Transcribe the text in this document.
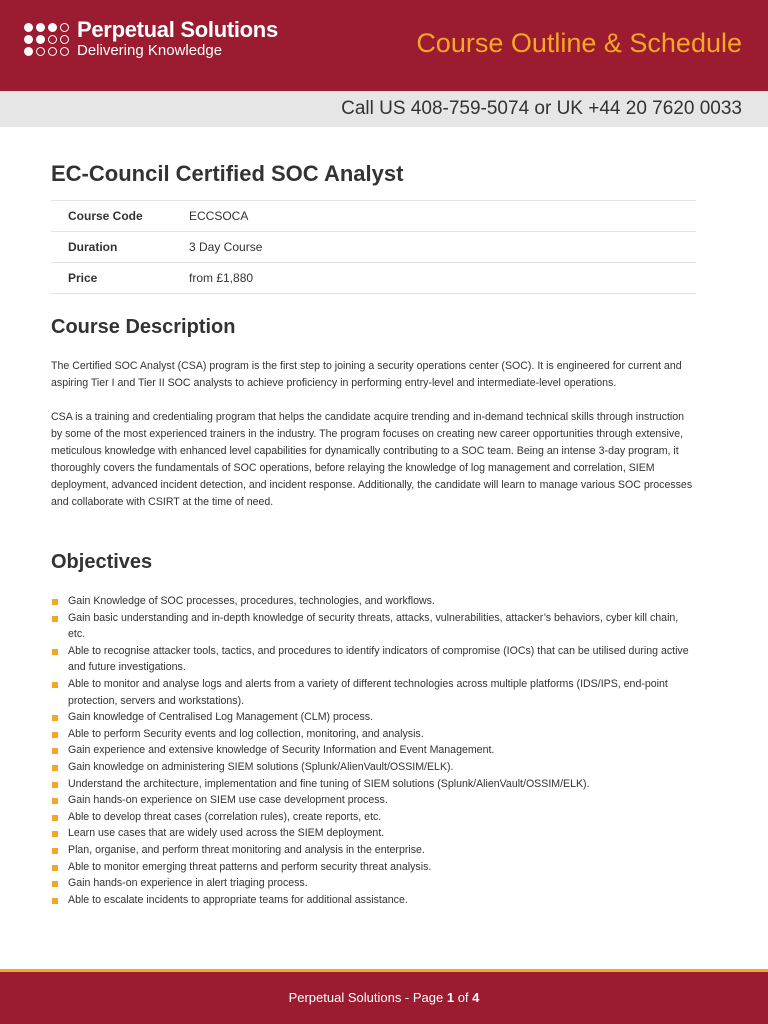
Perpetual Solutions
Delivering Knowledge	Course Outline & Schedule
Call US 408-759-5074 or UK +44 20 7620 0033
EC-Council Certified SOC Analyst
Course Code	ECCSOCA
Duration	3 Day Course
Price	from £1,880
Course Description

The Certified SOC Analyst (CSA) program is the first step to joining a security operations center (SOC). It is engineered for current and aspiring Tier I and Tier II SOC analysts to achieve proficiency in performing entry-level and intermediate-level operations.

CSA is a training and credentialing program that helps the candidate acquire trending and in-demand technical skills through instruction by some of the most experienced trainers in the industry. The program focuses on creating new career opportunities through extensive, meticulous knowledge with enhanced level capabilities for dynamically contributing to a SOC team. Being an intense 3-day program, it thoroughly covers the fundamentals of SOC operations, before relaying the knowledge of log management and correlation, SIEM deployment, advanced incident detection, and incident response. Additionally, the candidate will learn to manage various SOC processes and collaborate with CSIRT at the time of need.

Objectives
Gain Knowledge of SOC processes, procedures, technologies, and workflows.
Gain basic understanding and in-depth knowledge of security threats, attacks, vulnerabilities, attacker’s behaviors, cyber kill chain, etc.
Able to recognise attacker tools, tactics, and procedures to identify indicators of compromise (IOCs) that can be utilised during active and future investigations.
Able to monitor and analyse logs and alerts from a variety of different technologies across multiple platforms (IDS/IPS, end-point protection, servers and workstations).
Gain knowledge of Centralised Log Management (CLM) process.
Able to perform Security events and log collection, monitoring, and analysis.
Gain experience and extensive knowledge of Security Information and Event Management.
Gain knowledge on administering SIEM solutions (Splunk/AlienVault/OSSIM/ELK).
Understand the architecture, implementation and fine tuning of SIEM solutions (Splunk/AlienVault/OSSIM/ELK).
Gain hands-on experience on SIEM use case development process.
Able to develop threat cases (correlation rules), create reports, etc.
Learn use cases that are widely used across the SIEM deployment.
Plan, organise, and perform threat monitoring and analysis in the enterprise.
Able to monitor emerging threat patterns and perform security threat analysis.
Gain hands-on experience in alert triaging process.
Able to escalate incidents to appropriate teams for additional assistance.
Perpetual Solutions - Page 1 of 4
